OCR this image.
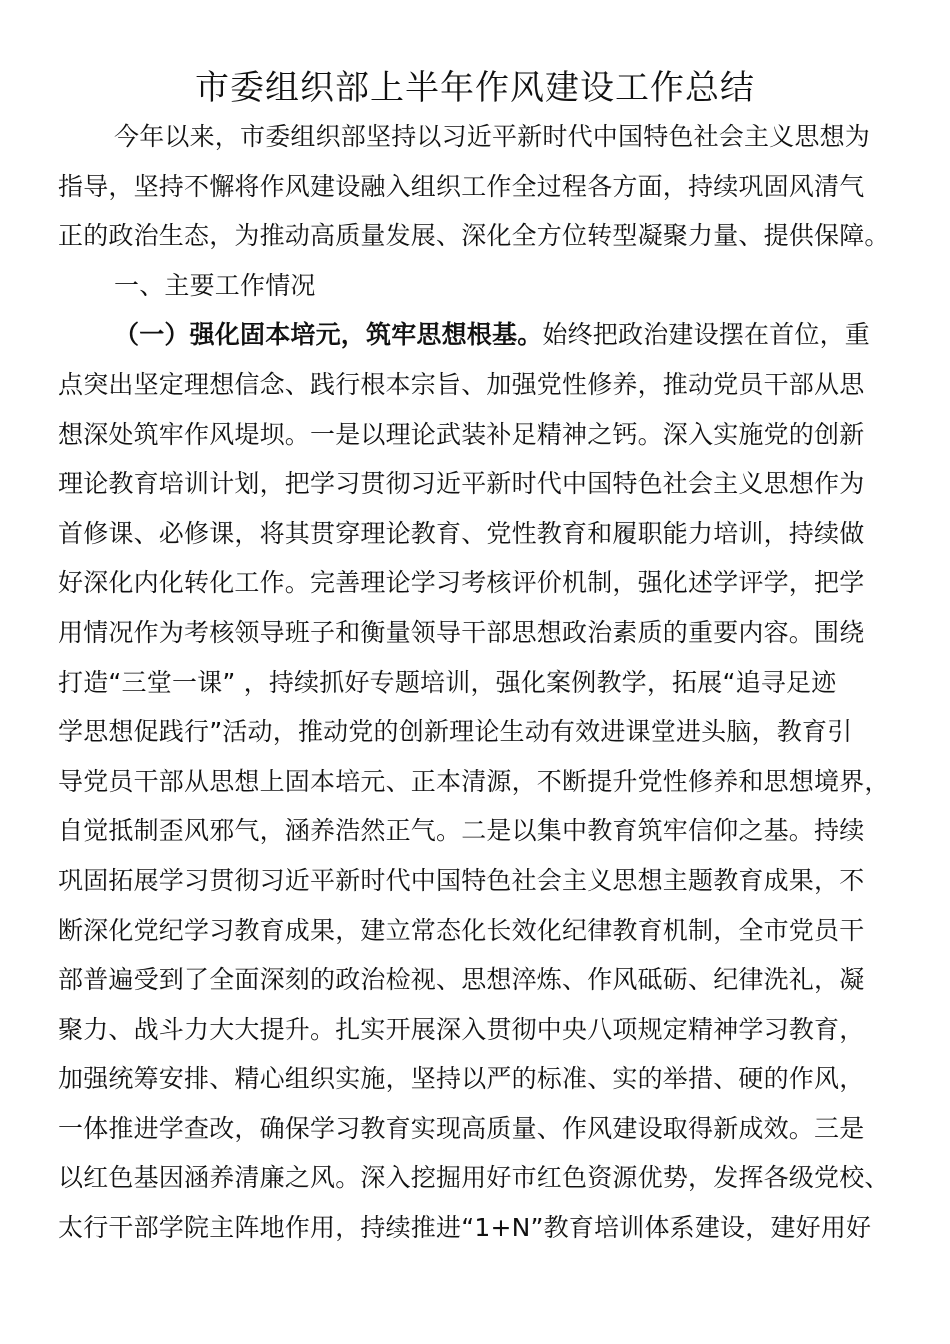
市委组织部上半年作风建设工作总结
今年以来，市委组织部坚持以习近平新时代中国特色社会主义思想为
指导，坚持不懈将作风建设融入组织工作全过程各方面，持续巩固风清气
正的政治生态，为推动高质量发展、深化全方位转型凝聚力量、提供保障。
一、主要工作情况
（一）强化固本培元，筑牢思想根基。始终把政治建设摆在首位，重
点突出坚定理想信念、践行根本宗旨、加强党性修养，推动党员干部从思
想深处筑牢作风堤坝。一是以理论武装补足精神之钙。深入实施党的创新
理论教育培训计划，把学习贯彻习近平新时代中国特色社会主义思想作为
首修课、必修课，将其贯穿理论教育、党性教育和履职能力培训，持续做
好深化内化转化工作。完善理论学习考核评价机制，强化述学评学，把学
用情况作为考核领导班子和衡量领导干部思想政治素质的重要内容。围绕
打造“三堂一课” ，持续抓好专题培训，强化案例教学，拓展“追寻足迹
学思想促践行”活动，推动党的创新理论生动有效进课堂进头脑，教育引
导党员干部从思想上固本培元、正本清源，不断提升党性修养和思想境界，
自觉抵制歪风邪气，涵养浩然正气。二是以集中教育筑牢信仰之基。持续
巩固拓展学习贯彻习近平新时代中国特色社会主义思想主题教育成果，不
断深化党纪学习教育成果，建立常态化长效化纪律教育机制，全市党员干
部普遍受到了全面深刻的政治检视、思想淬炼、作风砥砺、纪律洗礼，凝
聚力、战斗力大大提升。扎实开展深入贯彻中央八项规定精神学习教育，
加强统筹安排、精心组织实施，坚持以严的标准、实的举措、硬的作风，
一体推进学查改，确保学习教育实现高质量、作风建设取得新成效。三是
以红色基因涵养清廉之风。深入挖掘用好市红色资源优势，发挥各级党校、
太行干部学院主阵地作用，持续推进“1+N”教育培训体系建设，建好用好
